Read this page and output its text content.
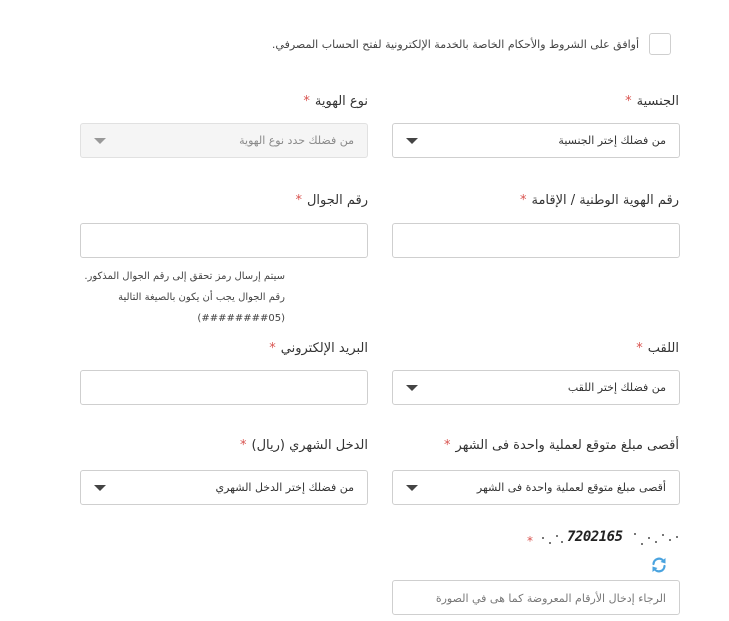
أوافق على الشروط والأحكام الخاصة بالخدمة الإلكترونية لفتح الحساب المصرفي.
الجنسية*
من فضلك إختر الجنسية
نوع الهوية*
من فضلك حدد نوع الهوية
رقم الهوية الوطنية / الإقامة*
رقم الجوال*
سيتم إرسال رمز تحقق إلى رقم الجوال المذكور. رقم الجوال يجب أن يكون بالصيغة التالية (05########)
اللقب*
من فضلك إختر اللقب
البريد الإلكتروني*
أقصى مبلغ متوقع لعملية واحدة فى الشهر*
أقصى مبلغ متوقع لعملية واحدة فى الشهر
الدخل الشهري (ريال)*
من فضلك إختر الدخل الشهري
* 7202165
الرجاء إدخال الأرقام المعروضة كما هى في الصورة
